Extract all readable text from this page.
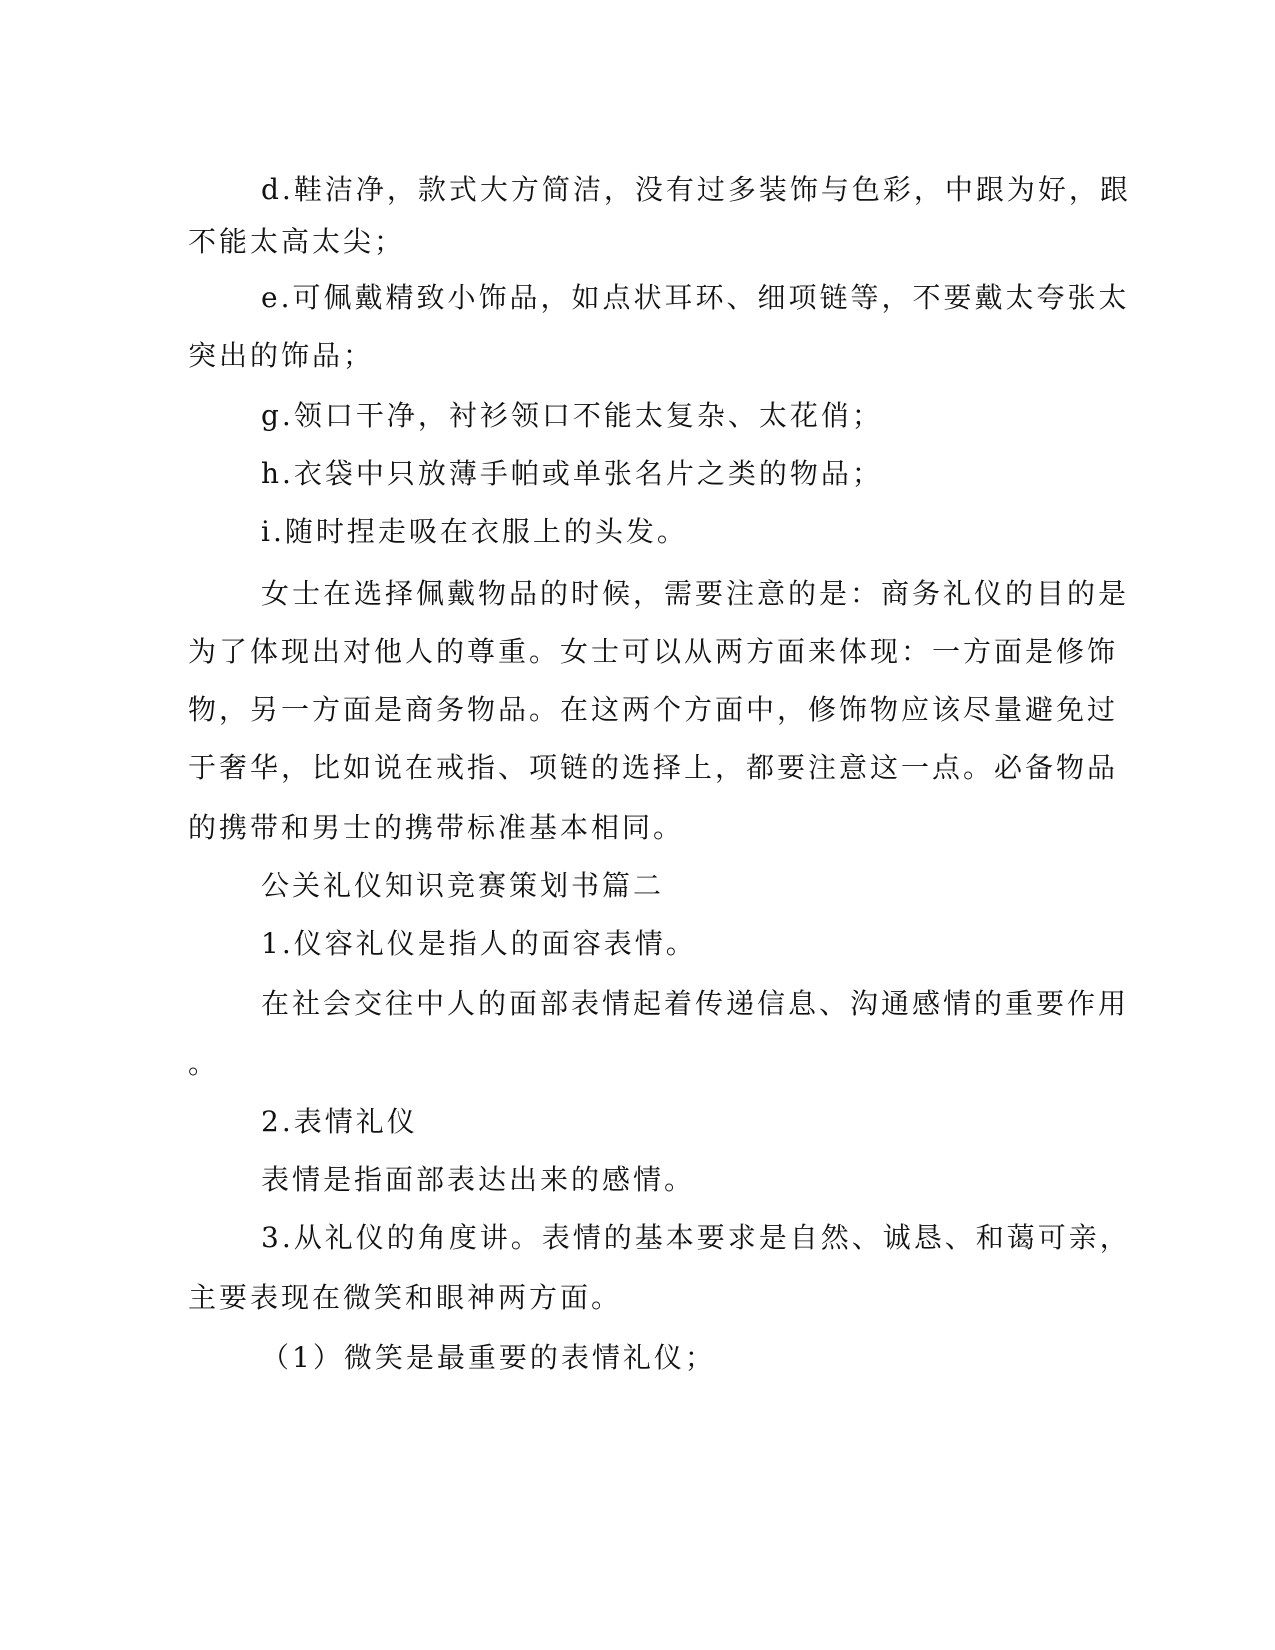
d.鞋洁净，款式大方简洁，没有过多装饰与色彩，中跟为好，跟
不能太高太尖；
e.可佩戴精致小饰品，如点状耳环、细项链等，不要戴太夸张太
突出的饰品；
g.领口干净，衬衫领口不能太复杂、太花俏；
h.衣袋中只放薄手帕或单张名片之类的物品；
i.随时捏走吸在衣服上的头发。
女士在选择佩戴物品的时候，需要注意的是：商务礼仪的目的是
为了体现出对他人的尊重。女士可以从两方面来体现：一方面是修饰
物，另一方面是商务物品。在这两个方面中，修饰物应该尽量避免过
于奢华，比如说在戒指、项链的选择上，都要注意这一点。必备物品
的携带和男士的携带标准基本相同。
公关礼仪知识竞赛策划书篇二
1.仪容礼仪是指人的面容表情。
在社会交往中人的面部表情起着传递信息、沟通感情的重要作用
。
2.表情礼仪
表情是指面部表达出来的感情。
3.从礼仪的角度讲。表情的基本要求是自然、诚恳、和蔼可亲，
主要表现在微笑和眼神两方面。
（1）微笑是最重要的表情礼仪；
